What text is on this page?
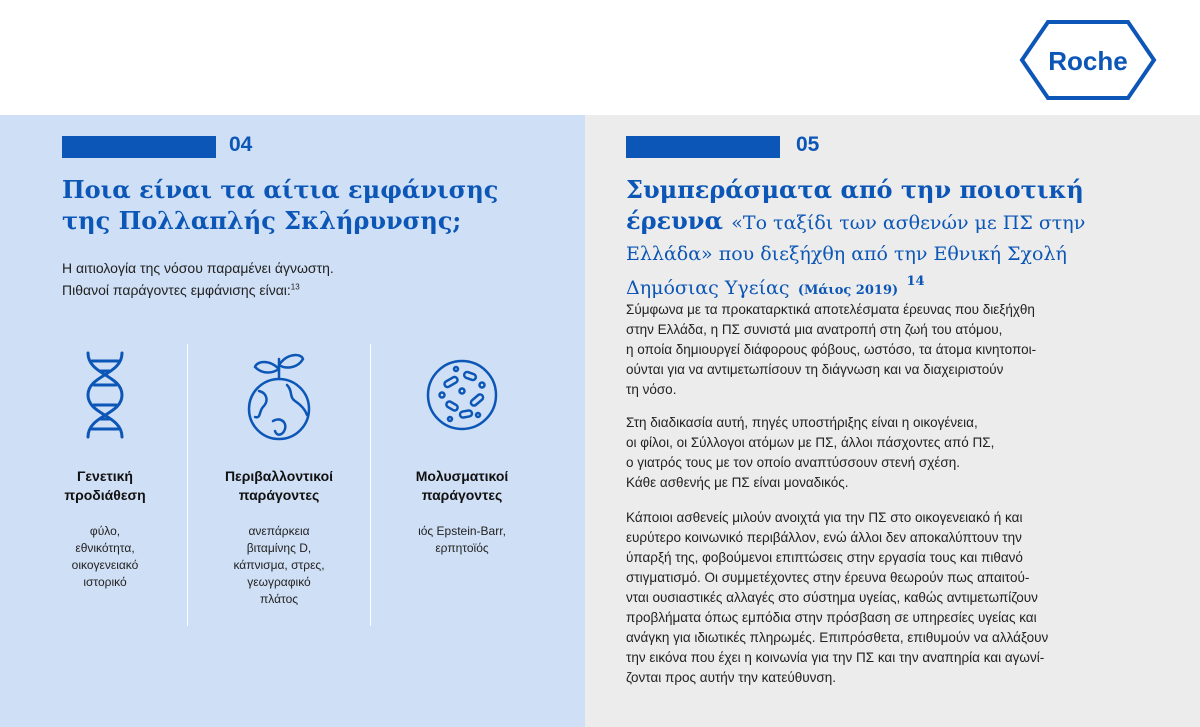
Roche
04
Ποια είναι τα αίτια εμφάνισης
της Πολλαπλής Σκλήρυνσης;
Η αιτιολογία της νόσου παραμένει άγνωστη.
Πιθανοί παράγοντες εμφάνισης είναι:$^{13}$
Γενετική
προδιάθεση
φύλο,
εθνικότητα,
οικογενειακό
ιστορικό
Περιβαλλοντικοί
παράγοντες
ανεπάρκεια
βιταμίνης D,
κάπνισμα, στρες,
γεωγραφικό
πλάτος
Μολυσματικοί
παράγοντες
ιός Epstein-Barr,
ερπητοϊός
05
Συμπεράσματα από την ποιοτική
έρευνα «Το ταξίδι των ασθενών με ΠΣ στην
Ελλάδα» που διεξήχθη από την Εθνική Σχολή
Δημόσιας Υγείας (Μάιος 2019) $^{14}$
Σύμφωνα με τα προκαταρκτικά αποτελέσματα έρευνας που διεξήχθη
στην Ελλάδα, η ΠΣ συνιστά μια ανατροπή στη ζωή του ατόμου,
η οποία δημιουργεί διάφορους φόβους, ωστόσο, τα άτομα κινητοποι-
ούνται για να αντιμετωπίσουν τη διάγνωση και να διαχειριστούν
τη νόσο.
Στη διαδικασία αυτή, πηγές υποστήριξης είναι η οικογένεια,
οι φίλοι, οι Σύλλογοι ατόμων με ΠΣ, άλλοι πάσχοντες από ΠΣ,
ο γιατρός τους με τον οποίο αναπτύσσουν στενή σχέση.
Κάθε ασθενής με ΠΣ είναι μοναδικός.
Κάποιοι ασθενείς μιλούν ανοιχτά για την ΠΣ στο οικογενειακό ή και
ευρύτερο κοινωνικό περιβάλλον, ενώ άλλοι δεν αποκαλύπτουν την
ύπαρξή της, φοβούμενοι επιπτώσεις στην εργασία τους και πιθανό
στιγματισμό. Οι συμμετέχοντες στην έρευνα θεωρούν πως απαιτού-
νται ουσιαστικές αλλαγές στο σύστημα υγείας, καθώς αντιμετωπίζουν
προβλήματα όπως εμπόδια στην πρόσβαση σε υπηρεσίες υγείας και
ανάγκη για ιδιωτικές πληρωμές. Επιπρόσθετα, επιθυμούν να αλλάξουν
την εικόνα που έχει η κοινωνία για την ΠΣ και την αναπηρία και αγωνί-
ζονται προς αυτήν την κατεύθυνση.
